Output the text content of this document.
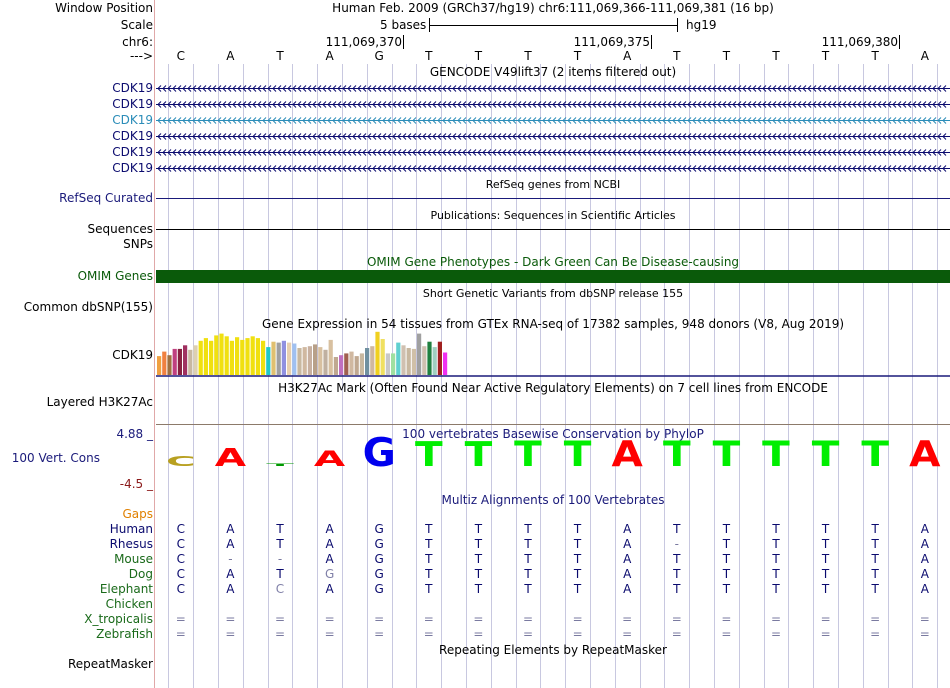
Window Position	Human Feb. 2009 (GRCh37/hg19) chr6:111,069,366-111,069,381 (16 bp)
Scale	5 bases	hg19
chr6:	111,069,370	111,069,375	111,069,380
--->	C	A	T	A	G	T	T	T	T	A	T	T	T	T	T	A
GENCODE V49lift37 (2 items filtered out)
CDK19
CDK19
CDK19
CDK19
CDK19
CDK19
RefSeq genes from NCBI
RefSeq Curated
Publications: Sequences in Scientific Articles
Sequences
SNPs
OMIM Gene Phenotypes - Dark Green Can Be Disease-causing
OMIM Genes
Short Genetic Variants from dbSNP release 155
Common dbSNP(155)
Gene Expression in 54 tissues from GTEx RNA-seq of 17382 samples, 948 donors (V8, Aug 2019)
CDK19
H3K27Ac Mark (Often Found Near Active Regulatory Elements) on 7 cell lines from ENCODE
Layered H3K27Ac
100 vertebrates Basewise Conservation by PhyloP
4.88 _
100 Vert. Cons
-4.5 _
C A T A G T T T T A T T T T T A
Multiz Alignments of 100 Vertebrates
Gaps
Human	C	A	T	A	G	T	T	T	T	A	T	T	T	T	T	A
Rhesus	C	A	T	A	G	T	T	T	T	A	-	T	T	T	T	A
Mouse	C	-	-	A	G	T	T	T	T	A	T	T	T	T	T	A
Dog	C	A	T	G	G	T	T	T	T	A	T	T	T	T	T	A
Elephant	C	A	C	A	G	T	T	T	T	A	T	T	T	T	T	A
Chicken
X_tropicalis	=	=	=	=	=	=	=	=	=	=	=	=	=	=	=	=
Zebrafish	=	=	=	=	=	=	=	=	=	=	=	=	=	=	=	=
Repeating Elements by RepeatMasker
RepeatMasker
